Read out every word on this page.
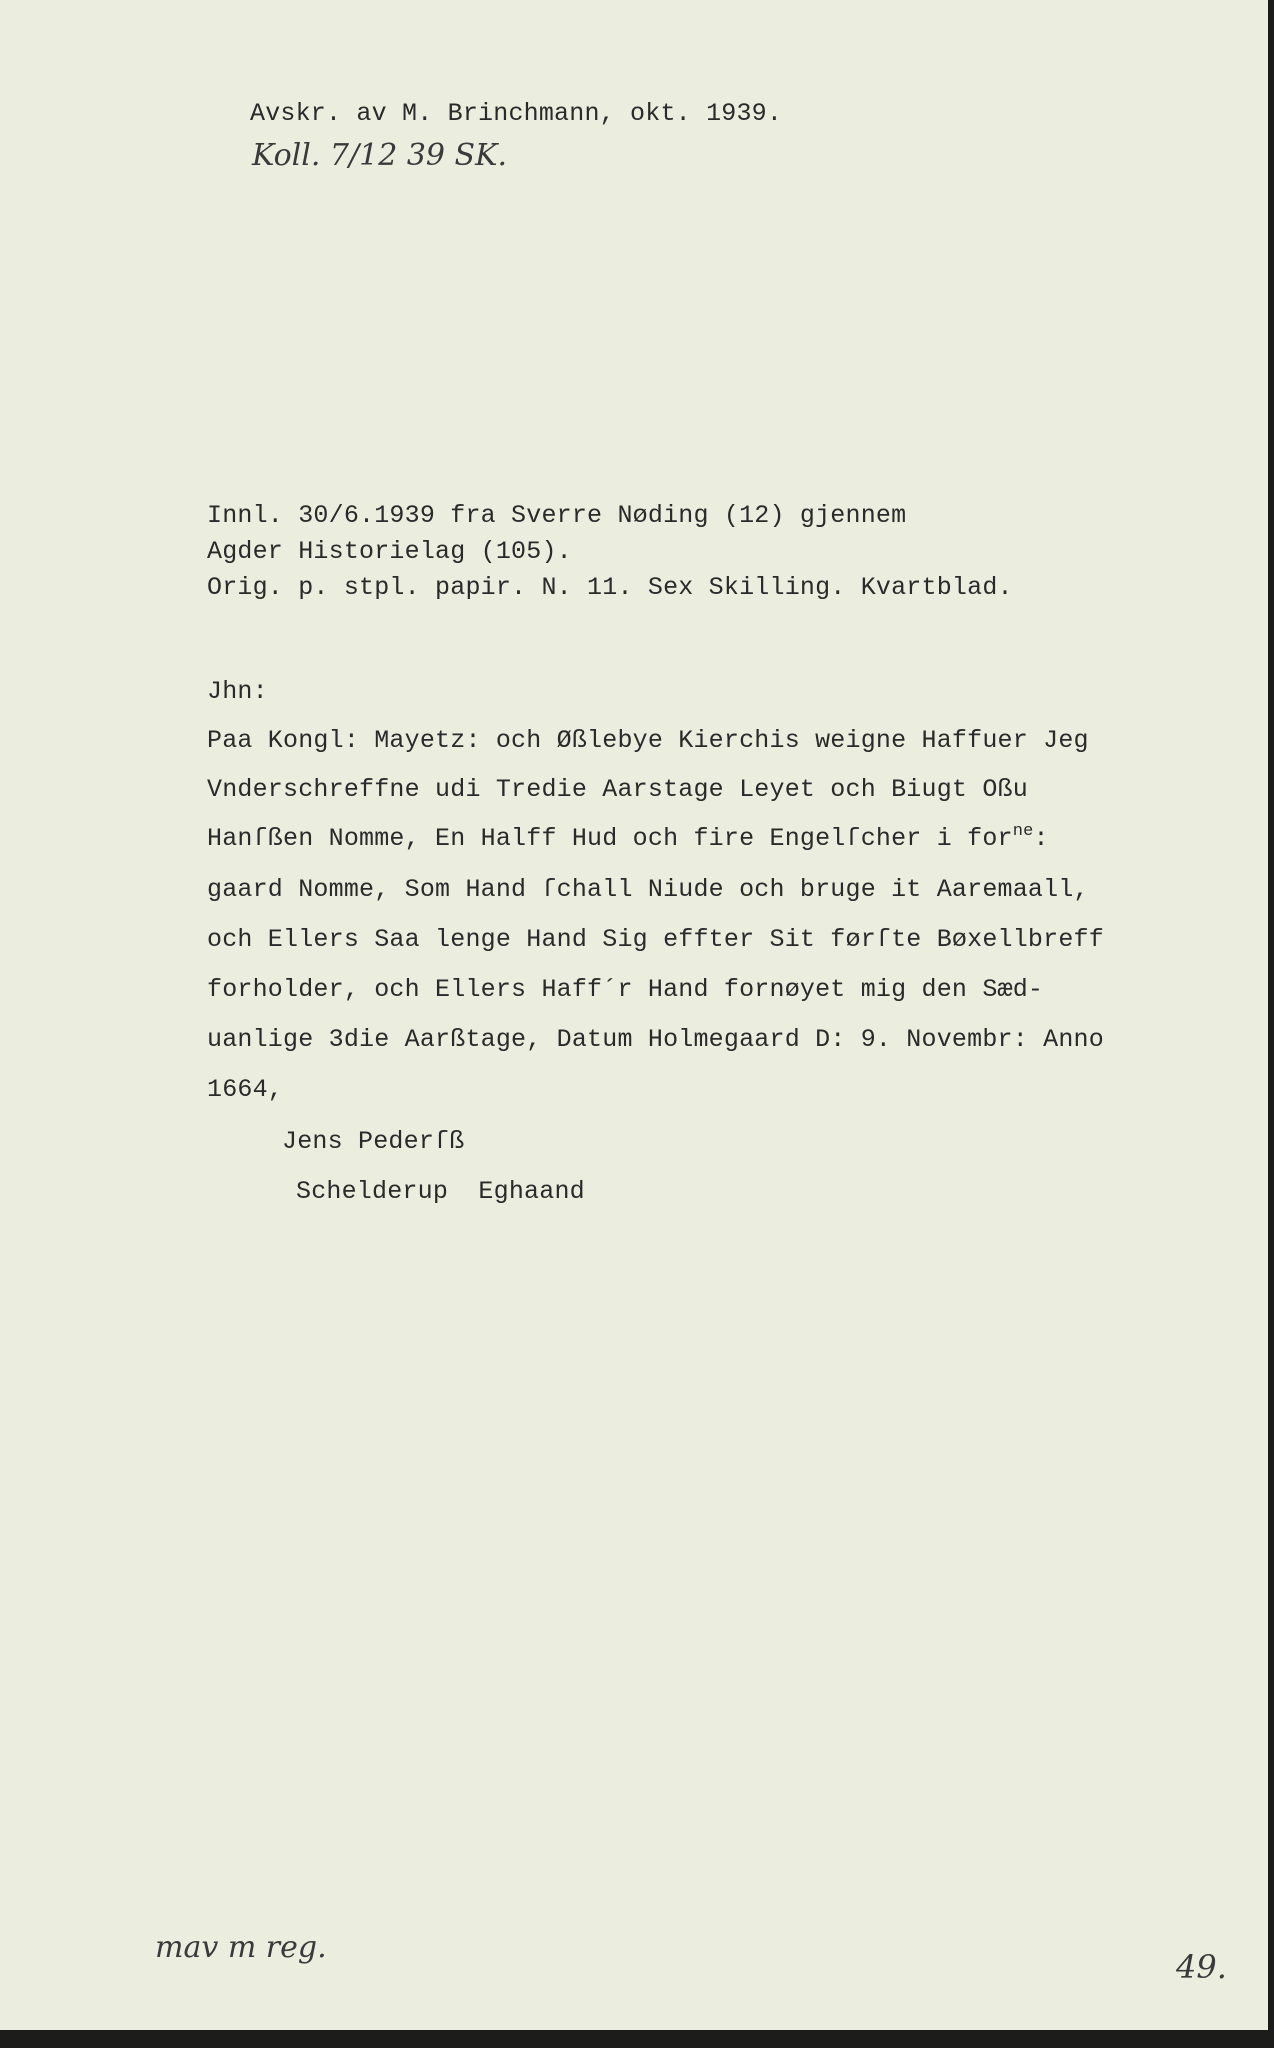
Avskr. av M. Brinchmann, okt. 1939.
Koll. 7/12 39 SK.
Innl. 30/6.1939 fra Sverre Nøding (12) gjennem
Agder Historielag (105).
Orig. p. stpl. papir. N. 11. Sex Skilling. Kvartblad.
Jhn:
Paa Kongl: Mayetz: och Øßlebye Kierchis weigne Haffuer Jeg
Vnderschreffne udi Tredie Aarstage Leyet och Biugt Oßu
Hanſßen Nomme, En Halff Hud och fire Engelſcher i for$^{ne}$:
gaard Nomme, Som Hand ſchall Niude och bruge it Aaremaall,
och Ellers Saa lenge Hand Sig effter Sit førſte Bøxellbreff
forholder, och Ellers Haff´r Hand fornøyet mig den Sæd-
uanlige 3die Aarßtage, Datum Holmegaard D: 9. Novembr: Anno
1664,
Jens Pederſß
Schelderup  Eghaand
mav m reg.
49.
